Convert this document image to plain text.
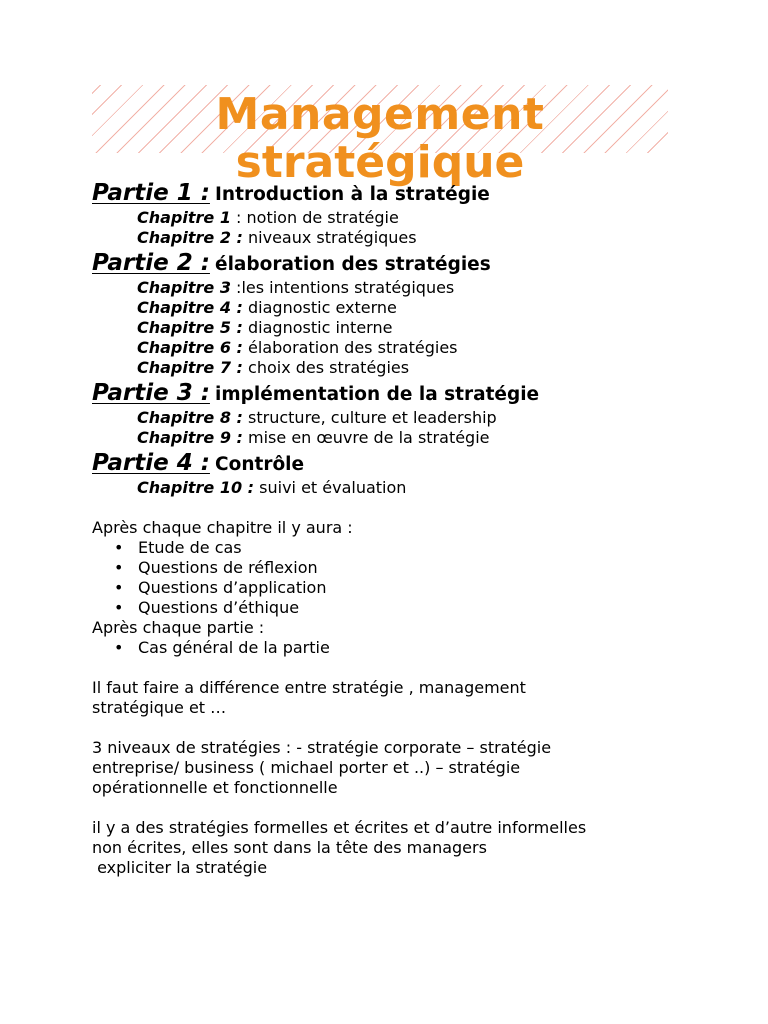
Management
stratégique
Partie 1 : Introduction à la stratégie
Chapitre 1 : notion de stratégie
Chapitre 2 : niveaux stratégiques
Partie 2 : élaboration des stratégies
Chapitre 3 :les intentions stratégiques
Chapitre 4 : diagnostic externe
Chapitre 5 : diagnostic interne
Chapitre 6 : élaboration des stratégies
Chapitre 7 : choix des stratégies
Partie 3 : implémentation de la stratégie
Chapitre 8 : structure, culture et leadership
Chapitre 9 : mise en œuvre de la stratégie
Partie 4 : Contrôle
Chapitre 10 : suivi et évaluation
Après chaque chapitre il y aura :
• Etude de cas
• Questions de réflexion
• Questions d’application
• Questions d’éthique
Après chaque partie :
• Cas général de la partie
Il faut faire a différence entre stratégie , management
stratégique et …
3 niveaux de stratégies : - stratégie corporate – stratégie
entreprise/ business ( michael porter et ..) – stratégie
opérationnelle et fonctionnelle
il y a des stratégies formelles et écrites et d’autre informelles
non écrites, elles sont dans la tête des managers
expliciter la stratégie
